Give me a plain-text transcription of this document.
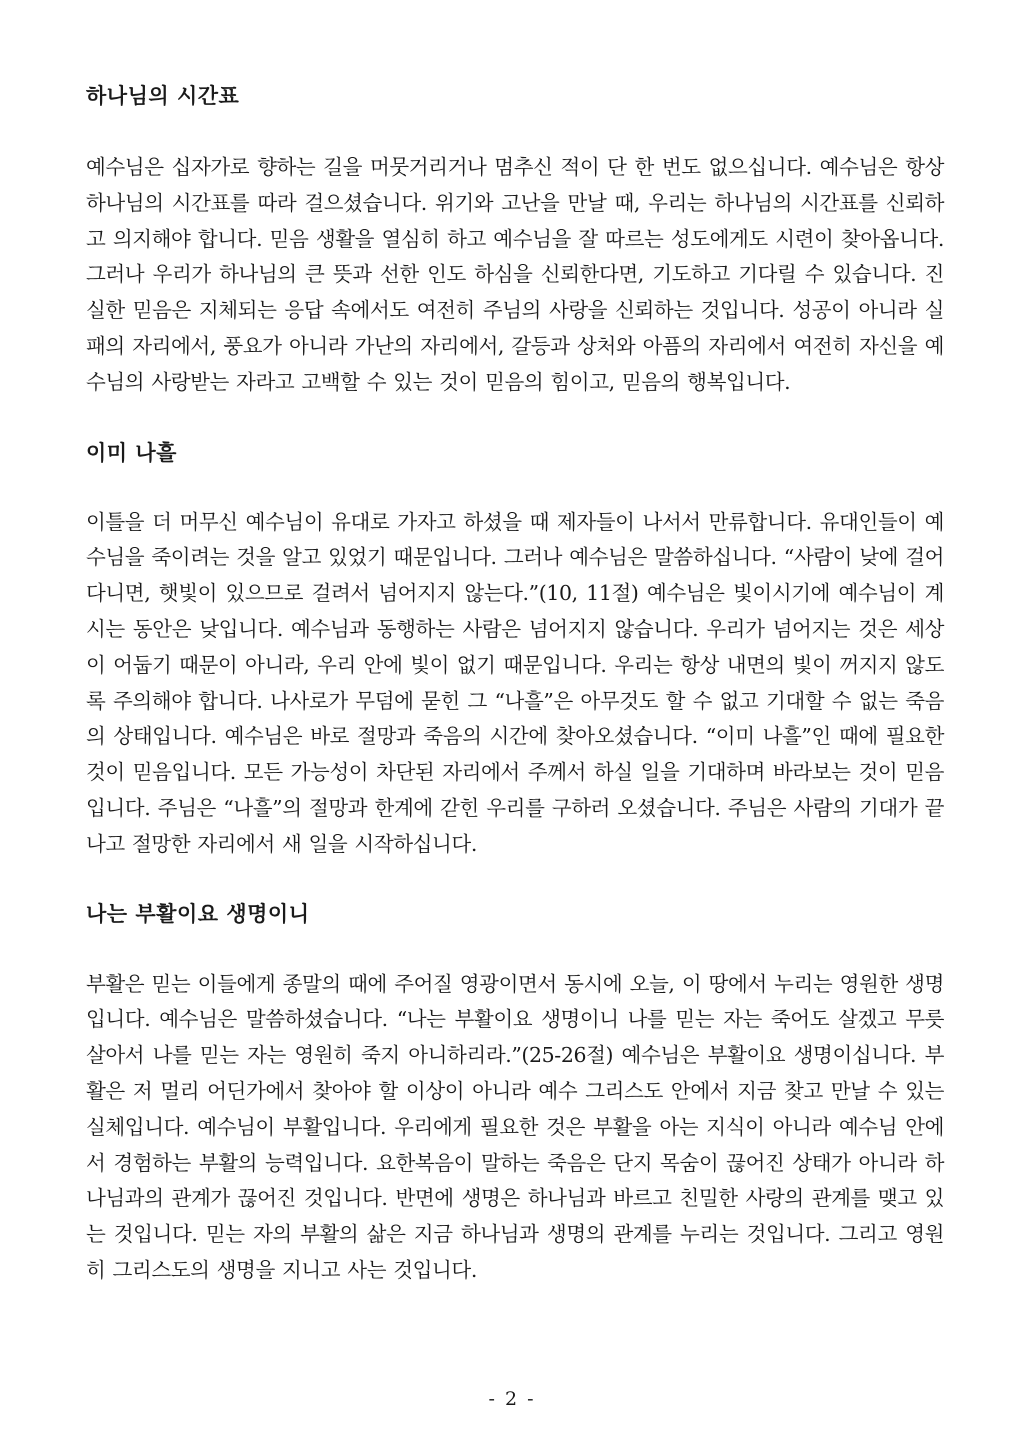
하나님의 시간표

예수님은 십자가로 향하는 길을 머뭇거리거나 멈추신 적이 단 한 번도 없으십니다. 예수님은 항상 하나님의 시간표를 따라 걸으셨습니다. 위기와 고난을 만날 때, 우리는 하나님의 시간표를 신뢰하고 의지해야 합니다. 믿음 생활을 열심히 하고 예수님을 잘 따르는 성도에게도 시련이 찾아옵니다. 그러나 우리가 하나님의 큰 뜻과 선한 인도 하심을 신뢰한다면, 기도하고 기다릴 수 있습니다. 진실한 믿음은 지체되는 응답 속에서도 여전히 주님의 사랑을 신뢰하는 것입니다. 성공이 아니라 실패의 자리에서, 풍요가 아니라 가난의 자리에서, 갈등과 상처와 아픔의 자리에서 여전히 자신을 예수님의 사랑받는 자라고 고백할 수 있는 것이 믿음의 힘이고, 믿음의 행복입니다.

이미 나흘

이틀을 더 머무신 예수님이 유대로 가자고 하셨을 때 제자들이 나서서 만류합니다. 유대인들이 예수님을 죽이려는 것을 알고 있었기 때문입니다. 그러나 예수님은 말씀하십니다. “사람이 낮에 걸어다니면, 햇빛이 있으므로 걸려서 넘어지지 않는다.”(10, 11절) 예수님은 빛이시기에 예수님이 계시는 동안은 낮입니다. 예수님과 동행하는 사람은 넘어지지 않습니다. 우리가 넘어지는 것은 세상이 어둡기 때문이 아니라, 우리 안에 빛이 없기 때문입니다. 우리는 항상 내면의 빛이 꺼지지 않도록 주의해야 합니다. 나사로가 무덤에 묻힌 그 “나흘”은 아무것도 할 수 없고 기대할 수 없는 죽음의 상태입니다. 예수님은 바로 절망과 죽음의 시간에 찾아오셨습니다. “이미 나흘”인 때에 필요한 것이 믿음입니다. 모든 가능성이 차단된 자리에서 주께서 하실 일을 기대하며 바라보는 것이 믿음입니다. 주님은 “나흘”의 절망과 한계에 갇힌 우리를 구하러 오셨습니다. 주님은 사람의 기대가 끝나고 절망한 자리에서 새 일을 시작하십니다.

나는 부활이요 생명이니

부활은 믿는 이들에게 종말의 때에 주어질 영광이면서 동시에 오늘, 이 땅에서 누리는 영원한 생명입니다. 예수님은 말씀하셨습니다. “나는 부활이요 생명이니 나를 믿는 자는 죽어도 살겠고 무릇 살아서 나를 믿는 자는 영원히 죽지 아니하리라.”(25-26절) 예수님은 부활이요 생명이십니다. 부활은 저 멀리 어딘가에서 찾아야 할 이상이 아니라 예수 그리스도 안에서 지금 찾고 만날 수 있는 실체입니다. 예수님이 부활입니다. 우리에게 필요한 것은 부활을 아는 지식이 아니라 예수님 안에서 경험하는 부활의 능력입니다. 요한복음이 말하는 죽음은 단지 목숨이 끊어진 상태가 아니라 하나님과의 관계가 끊어진 것입니다. 반면에 생명은 하나님과 바르고 친밀한 사랑의 관계를 맺고 있는 것입니다. 믿는 자의 부활의 삶은 지금 하나님과 생명의 관계를 누리는 것입니다. 그리고 영원히 그리스도의 생명을 지니고 사는 것입니다.

- 2 -
